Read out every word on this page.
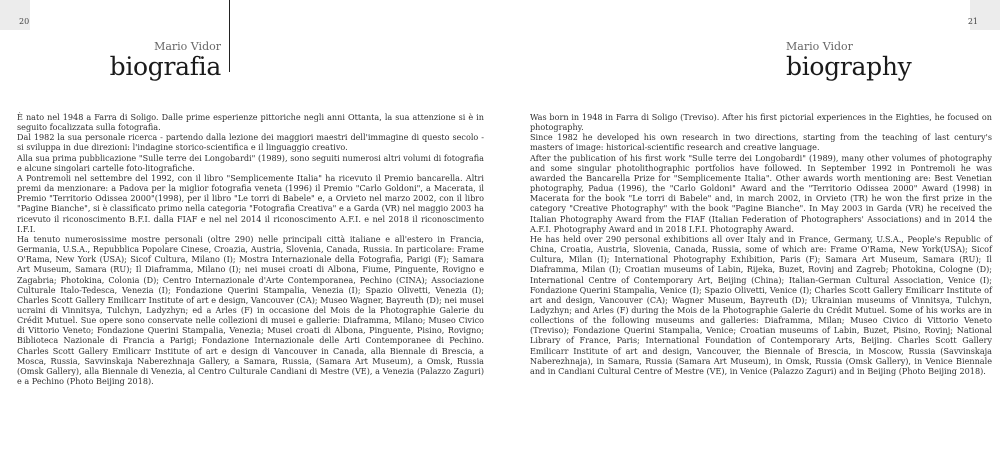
20	21
Mario Vidor
biografia
Mario Vidor
biography

È nato nel 1948 a Farra di Soligo. Dalle prime esperienze pittoriche negli anni Ottanta, la sua attenzione si è in seguito focalizzata sulla fotografia.

Dal 1982 la sua personale ricerca - partendo dalla lezione dei maggiori maestri dell'immagine di questo secolo - si sviluppa in due direzioni: l'indagine storico-scientifica e il linguaggio creativo.

Alla sua prima pubblicazione "Sulle terre dei Longobardi" (1989), sono seguiti numerosi altri volumi di fotografia e alcune singolari cartelle foto-litografiche.

A Pontremoli nel settembre del 1992, con il libro "Semplicemente Italia" ha ricevuto il Premio bancarella. Altri premi da menzionare: a Padova per la miglior fotografia veneta (1996) il Premio "Carlo Goldoni", a Macerata, il Premio "Territorio Odissea 2000"(1998), per il libro "Le torri di Babele" e, a Orvieto nel marzo 2002, con il libro "Pagine Bianche", si è classificato primo nella categoria "Fotografia Creativa" e a Garda (VR) nel maggio 2003 ha ricevuto il riconoscimento B.F.I. dalla FIAF e nel nel 2014 il riconoscimento A.F.I. e nel 2018 il riconoscimento I.F.I.

Ha tenuto numerosissime mostre personali (oltre 290) nelle principali città italiane e all'estero in Francia, Germania, U.S.A., Repubblica Popolare Cinese, Croazia, Austria, Slovenia, Canada, Russia. In particolare: Frame O'Rama, New York (USA); Sicof Cultura, Milano (I); Mostra Internazionale della Fotografia, Parigi (F); Samara Art Museum, Samara (RU); Il Diaframma, Milano (I); nei musei croati di Albona, Fiume, Pinguente, Rovigno e Zagabria; Photokina, Colonia (D); Centro Internazionale d'Arte Contemporanea, Pechino (CINA); Associazione Culturale Italo-Tedesca, Venezia (I); Fondazione Querini Stampalia, Venezia (I); Spazio Olivetti, Venezia (I); Charles Scott Gallery Emilicarr Institute of art e design, Vancouver (CA); Museo Wagner, Bayreuth (D); nei musei ucraini di Vinnitsya, Tulchyn, Ladyzhyn; ed a Arles (F) in occasione del Mois de la Photographie Galerie du Crédit Mutuel. Sue opere sono conservate nelle collezioni di musei e gallerie: Diaframma, Milano; Museo Civico di Vittorio Veneto; Fondazione Querini Stampalia, Venezia; Musei croati di Albona, Pinguente, Pisino, Rovigno; Biblioteca Nazionale di Francia a Parigi; Fondazione Internazionale delle Arti Contemporanee di Pechino. Charles Scott Gallery Emilicarr Institute of art e design di Vancouver in Canada, alla Biennale di Brescia, a Mosca, Russia, Savvinskaja Naberezhnaja Gallery, a Samara, Russia, (Samara Art Museum), a Omsk, Russia (Omsk Gallery), alla Biennale di Venezia, al Centro Culturale Candiani di Mestre (VE), a Venezia (Palazzo Zaguri) e a Pechino (Photo Beijing 2018).

Was born in 1948 in Farra di Soligo (Treviso). After his first pictorial experiences in the Eighties, he focused on photography.

Since 1982 he developed his own research in two directions, starting from the teaching of last century's masters of image: historical-scientific research and creative language.

After the publication of his first work "Sulle terre dei Longobardi" (1989), many other volumes of photography and some singular photolithographic portfolios have followed. In September 1992 in Pontremoli he was awarded the Bancarella Prize for "Semplicemente Italia". Other awards worth mentioning are: Best Venetian photography, Padua (1996), the "Carlo Goldoni" Award and the "Territorio Odissea 2000" Award (1998) in Macerata for the book "Le torri di Babele" and, in march 2002, in Orvieto (TR) he won the first prize in the category "Creative Photography" with the book "Pagine Bianche". In May 2003 in Garda (VR) he received the Italian Photography Award from the FIAF (Italian Federation of Photographers' Associations) and in 2014 the A.F.I. Photography Award and in 2018 I.F.I. Photography Award.

He has held over 290 personal exhibitions all over Italy and in France, Germany, U.S.A., People's Republic of China, Croatia, Austria, Slovenia, Canada, Russia, some of which are: Frame O'Rama, New York(USA); Sicof Cultura, Milan (I); International Photography Exhibition, Paris (F); Samara Art Museum, Samara (RU); Il Diaframma, Milan (I); Croatian museums of Labin, Rijeka, Buzet, Rovinj and Zagreb; Photokina, Cologne (D); International Centre of Contemporary Art, Beijing (China); Italian-German Cultural Association, Venice (I); Fondazione Querini Stampalia, Venice (I); Spazio Olivetti, Venice (I); Charles Scott Gallery Emilicarr Institute of art and design, Vancouver (CA); Wagner Museum, Bayreuth (D); Ukrainian museums of Vinnitsya, Tulchyn, Ladyzhyn; and Arles (F) during the Mois de la Photographie Galerie du Crédit Mutuel. Some of his works are in collections of the following museums and galleries: Diaframma, Milan; Museo Civico di Vittorio Veneto (Treviso); Fondazione Querini Stampalia, Venice; Croatian museums of Labin, Buzet, Pisino, Rovinj; National Library of France, Paris; International Foundation of Contemporary Arts, Beijing. Charles Scott Gallery Emilicarr Institute of art and design, Vancouver, the Biennale of Brescia, in Moscow, Russia (Savvinskaja Naberezhnaja), in Samara, Russia (Samara Art Museum), in Omsk, Russia (Omsk Gallery), in Venice Biennale and in Candiani Cultural Centre of Mestre (VE), in Venice (Palazzo Zaguri) and in Beijing (Photo Beijing 2018).
